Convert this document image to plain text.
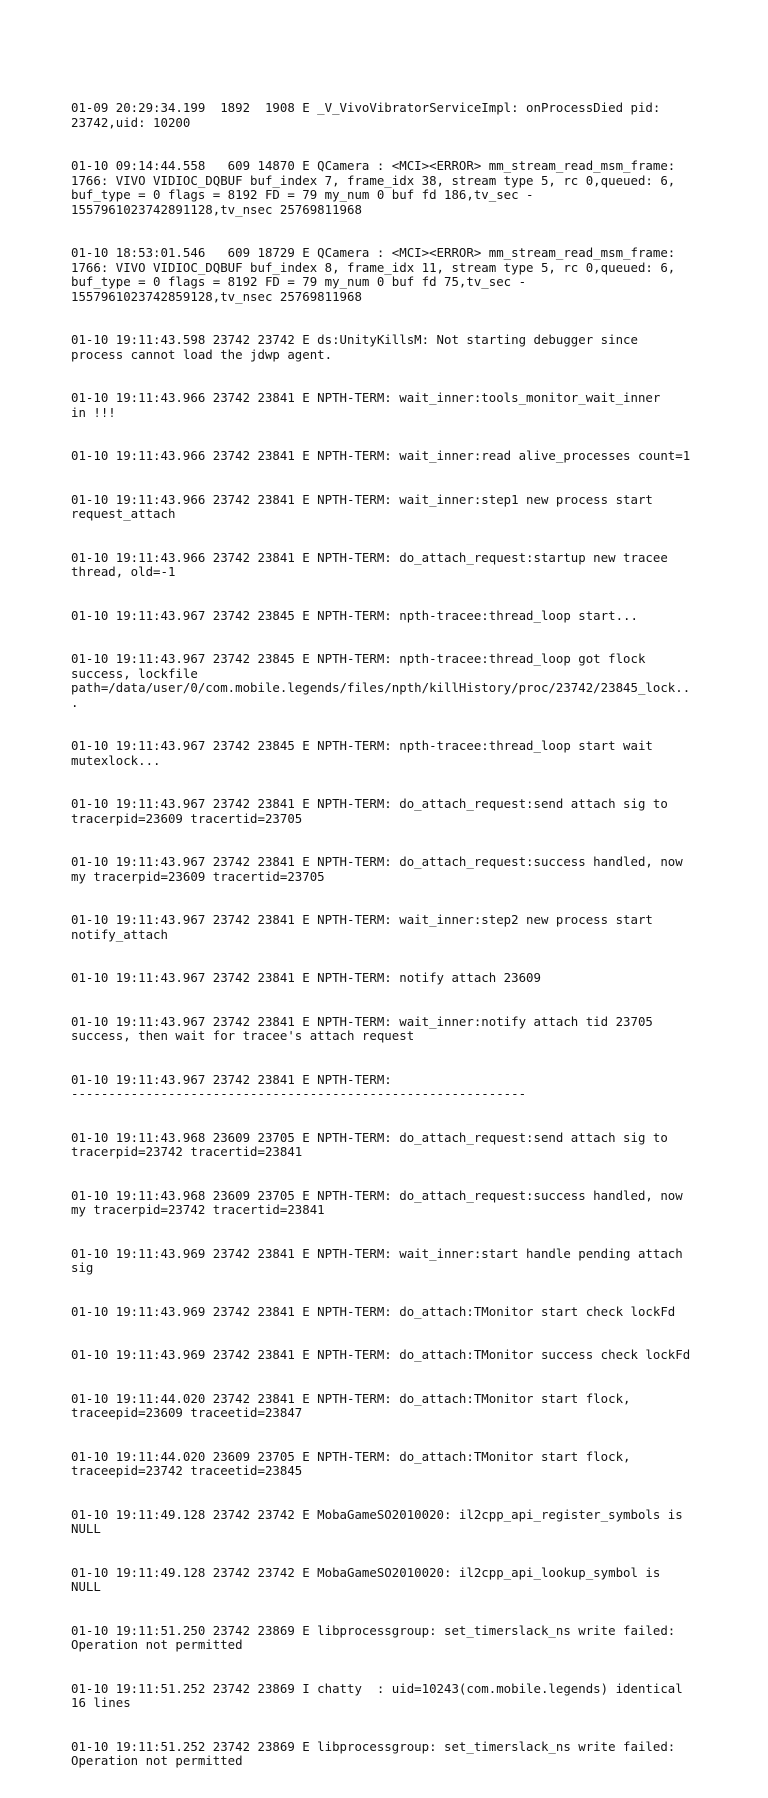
01-09 20:29:34.199  1892  1908 E _V_VivoVibratorServiceImpl: onProcessDied pid:
23742,uid: 10200

01-10 09:14:44.558   609 14870 E QCamera : <MCI><ERROR> mm_stream_read_msm_frame:
1766: VIVO VIDIOC_DQBUF buf_index 7, frame_idx 38, stream type 5, rc 0,queued: 6,
buf_type = 0 flags = 8192 FD = 79 my_num 0 buf fd 186,tv_sec -
1557961023742891128,tv_nsec 25769811968

01-10 18:53:01.546   609 18729 E QCamera : <MCI><ERROR> mm_stream_read_msm_frame:
1766: VIVO VIDIOC_DQBUF buf_index 8, frame_idx 11, stream type 5, rc 0,queued: 6,
buf_type = 0 flags = 8192 FD = 79 my_num 0 buf fd 75,tv_sec -
1557961023742859128,tv_nsec 25769811968

01-10 19:11:43.598 23742 23742 E ds:UnityKillsM: Not starting debugger since
process cannot load the jdwp agent.

01-10 19:11:43.966 23742 23841 E NPTH-TERM: wait_inner:tools_monitor_wait_inner
in !!!

01-10 19:11:43.966 23742 23841 E NPTH-TERM: wait_inner:read alive_processes count=1

01-10 19:11:43.966 23742 23841 E NPTH-TERM: wait_inner:step1 new process start
request_attach

01-10 19:11:43.966 23742 23841 E NPTH-TERM: do_attach_request:startup new tracee
thread, old=-1

01-10 19:11:43.967 23742 23845 E NPTH-TERM: npth-tracee:thread_loop start...

01-10 19:11:43.967 23742 23845 E NPTH-TERM: npth-tracee:thread_loop got flock
success, lockfile
path=/data/user/0/com.mobile.legends/files/npth/killHistory/proc/23742/23845_lock..
.

01-10 19:11:43.967 23742 23845 E NPTH-TERM: npth-tracee:thread_loop start wait
mutexlock...

01-10 19:11:43.967 23742 23841 E NPTH-TERM: do_attach_request:send attach sig to
tracerpid=23609 tracertid=23705

01-10 19:11:43.967 23742 23841 E NPTH-TERM: do_attach_request:success handled, now
my tracerpid=23609 tracertid=23705

01-10 19:11:43.967 23742 23841 E NPTH-TERM: wait_inner:step2 new process start
notify_attach

01-10 19:11:43.967 23742 23841 E NPTH-TERM: notify attach 23609

01-10 19:11:43.967 23742 23841 E NPTH-TERM: wait_inner:notify attach tid 23705
success, then wait for tracee's attach request

01-10 19:11:43.967 23742 23841 E NPTH-TERM:
-------------------------------------------------------------

01-10 19:11:43.968 23609 23705 E NPTH-TERM: do_attach_request:send attach sig to
tracerpid=23742 tracertid=23841

01-10 19:11:43.968 23609 23705 E NPTH-TERM: do_attach_request:success handled, now
my tracerpid=23742 tracertid=23841

01-10 19:11:43.969 23742 23841 E NPTH-TERM: wait_inner:start handle pending attach
sig

01-10 19:11:43.969 23742 23841 E NPTH-TERM: do_attach:TMonitor start check lockFd

01-10 19:11:43.969 23742 23841 E NPTH-TERM: do_attach:TMonitor success check lockFd

01-10 19:11:44.020 23742 23841 E NPTH-TERM: do_attach:TMonitor start flock,
traceepid=23609 traceetid=23847

01-10 19:11:44.020 23609 23705 E NPTH-TERM: do_attach:TMonitor start flock,
traceepid=23742 traceetid=23845

01-10 19:11:49.128 23742 23742 E MobaGameSO2010020: il2cpp_api_register_symbols is
NULL

01-10 19:11:49.128 23742 23742 E MobaGameSO2010020: il2cpp_api_lookup_symbol is
NULL

01-10 19:11:51.250 23742 23869 E libprocessgroup: set_timerslack_ns write failed:
Operation not permitted

01-10 19:11:51.252 23742 23869 I chatty  : uid=10243(com.mobile.legends) identical
16 lines

01-10 19:11:51.252 23742 23869 E libprocessgroup: set_timerslack_ns write failed:
Operation not permitted
